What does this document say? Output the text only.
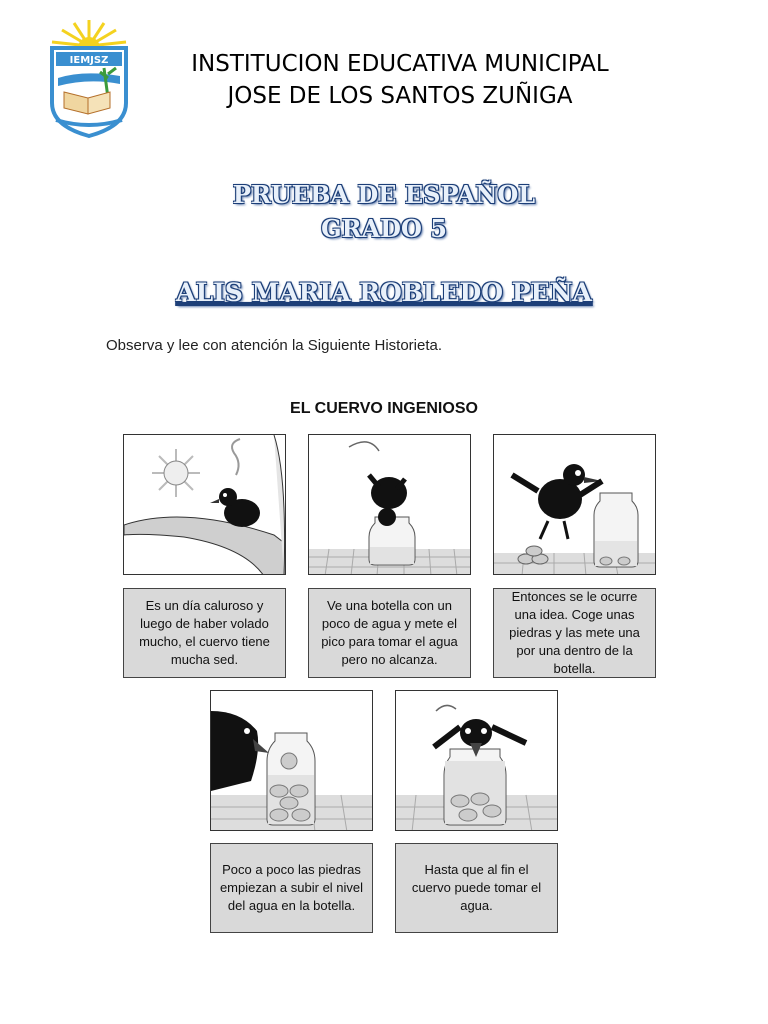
IEMJSZ	INSTITUCION EDUCATIVA MUNICIPAL
JOSE DE LOS SANTOS ZUÑIGA
PRUEBA DE ESPAÑOL
GRADO 5
ALIS MARIA ROBLEDO PEÑA
Observa y lee con atención la Siguiente Historieta.
EL CUERVO INGENIOSO
Es un día caluroso y luego de haber volado mucho, el cuervo tiene mucha sed.
Ve una botella con un poco de agua y mete el pico para tomar el agua pero no alcanza.
Entonces se le ocurre una idea. Coge unas piedras y las mete una por una dentro de la botella.
Poco a poco las piedras empiezan a subir el nivel del agua en la botella.
Hasta que al fin el cuervo puede tomar el agua.
